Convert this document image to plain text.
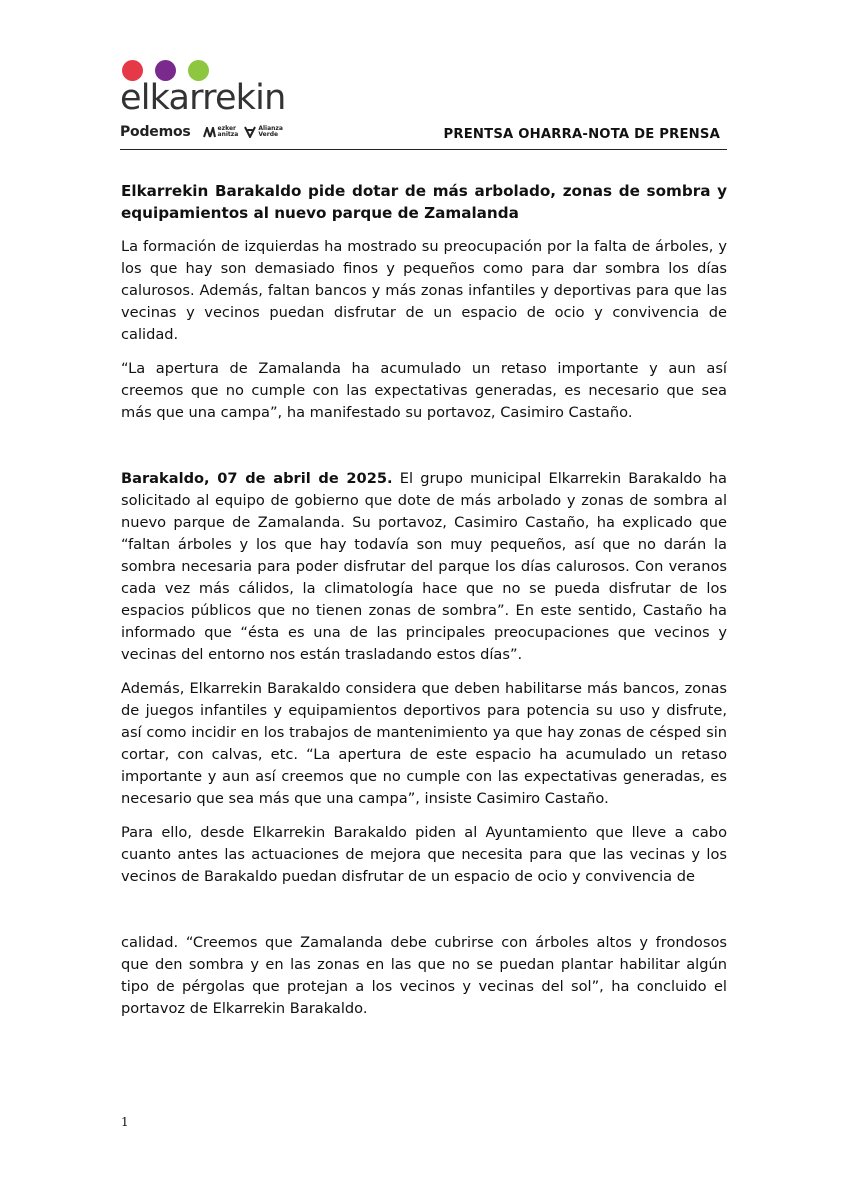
elkarrekin
Podemos	ezker
anitza
Alianza
Verde	PRENTSA OHARRA-NOTA DE PRENSA
Elkarrekin Barakaldo pide dotar de más arbolado, zonas de sombra y equipamientos al nuevo parque de Zamalanda

La formación de izquierdas ha mostrado su preocupación por la falta de árboles, y los que hay son demasiado finos y pequeños como para dar sombra los días calurosos. Además, faltan bancos y más zonas infantiles y deportivas para que las vecinas y vecinos puedan disfrutar de un espacio de ocio y convivencia de calidad.

“La apertura de Zamalanda ha acumulado un retaso importante y aun así creemos que no cumple con las expectativas generadas, es necesario que sea más que una campa”, ha manifestado su portavoz, Casimiro Castaño.

Barakaldo, 07 de abril de 2025. El grupo municipal Elkarrekin Barakaldo ha solicitado al equipo de gobierno que dote de más arbolado y zonas de sombra al nuevo parque de Zamalanda. Su portavoz, Casimiro Castaño, ha explicado que “faltan árboles y los que hay todavía son muy pequeños, así que no darán la sombra necesaria para poder disfrutar del parque los días calurosos. Con veranos cada vez más cálidos, la climatología hace que no se pueda disfrutar de los espacios públicos que no tienen zonas de sombra”. En este sentido, Castaño ha informado que “ésta es una de las principales preocupaciones que vecinos y vecinas del entorno nos están trasladando estos días”.

Además, Elkarrekin Barakaldo considera que deben habilitarse más bancos, zonas de juegos infantiles y equipamientos deportivos para potencia su uso y disfrute, así como incidir en los trabajos de mantenimiento ya que hay zonas de césped sin cortar, con calvas, etc. “La apertura de este espacio ha acumulado un retaso importante y aun así creemos que no cumple con las expectativas generadas, es necesario que sea más que una campa”, insiste Casimiro Castaño.

Para ello, desde Elkarrekin Barakaldo piden al Ayuntamiento que lleve a cabo cuanto antes las actuaciones de mejora que necesita para que las vecinas y los vecinos de Barakaldo puedan disfrutar de un espacio de ocio y convivencia de

calidad. “Creemos que Zamalanda debe cubrirse con árboles altos y frondosos que den sombra y en las zonas en las que no se puedan plantar habilitar algún tipo de pérgolas que protejan a los vecinos y vecinas del sol”, ha concluido el portavoz de Elkarrekin Barakaldo.

1
